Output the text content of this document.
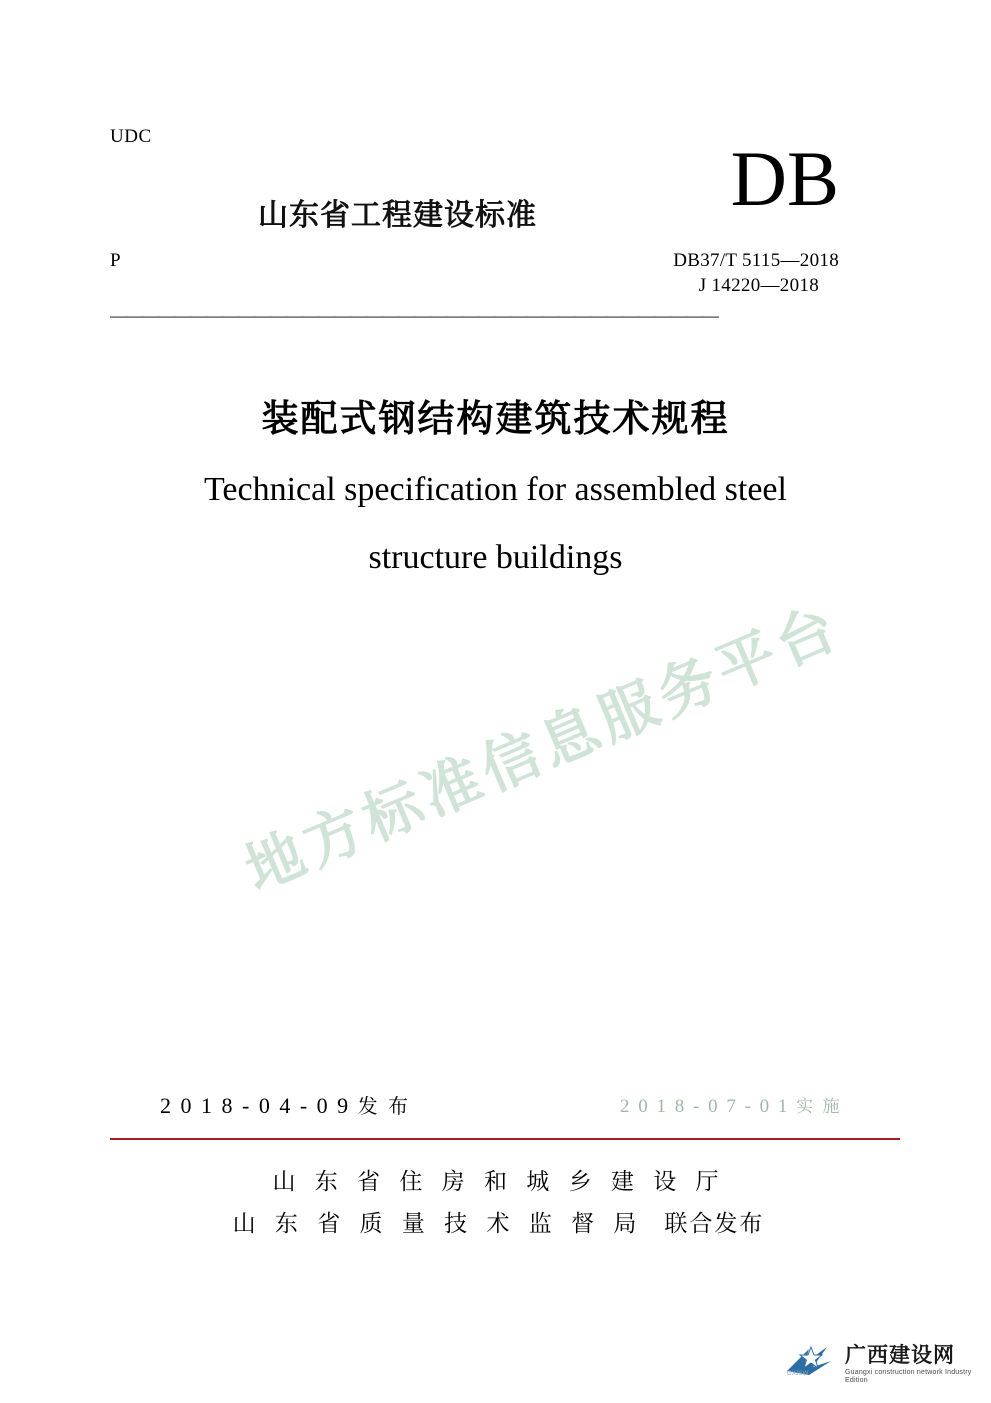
UDC
P
山东省工程建设标准 DB
DB37/T 5115—2018
J 14220—2018
——————————————————————————————————————
装配式钢结构建筑技术规程
Technical specification for assembled steel
structure buildings
地方标准信息服务平台
2 0 1 8 - 0 4 - 0 9 发 布	2 0 1 8 - 0 7 - 0 1 实 施
山 东 省 住 房 和 城 乡 建 设 厅
山 东 省 质 量 技 术 监 督 局 联合发布
GXJSW
广西建设网
Guangxi construction network Industry Edition
